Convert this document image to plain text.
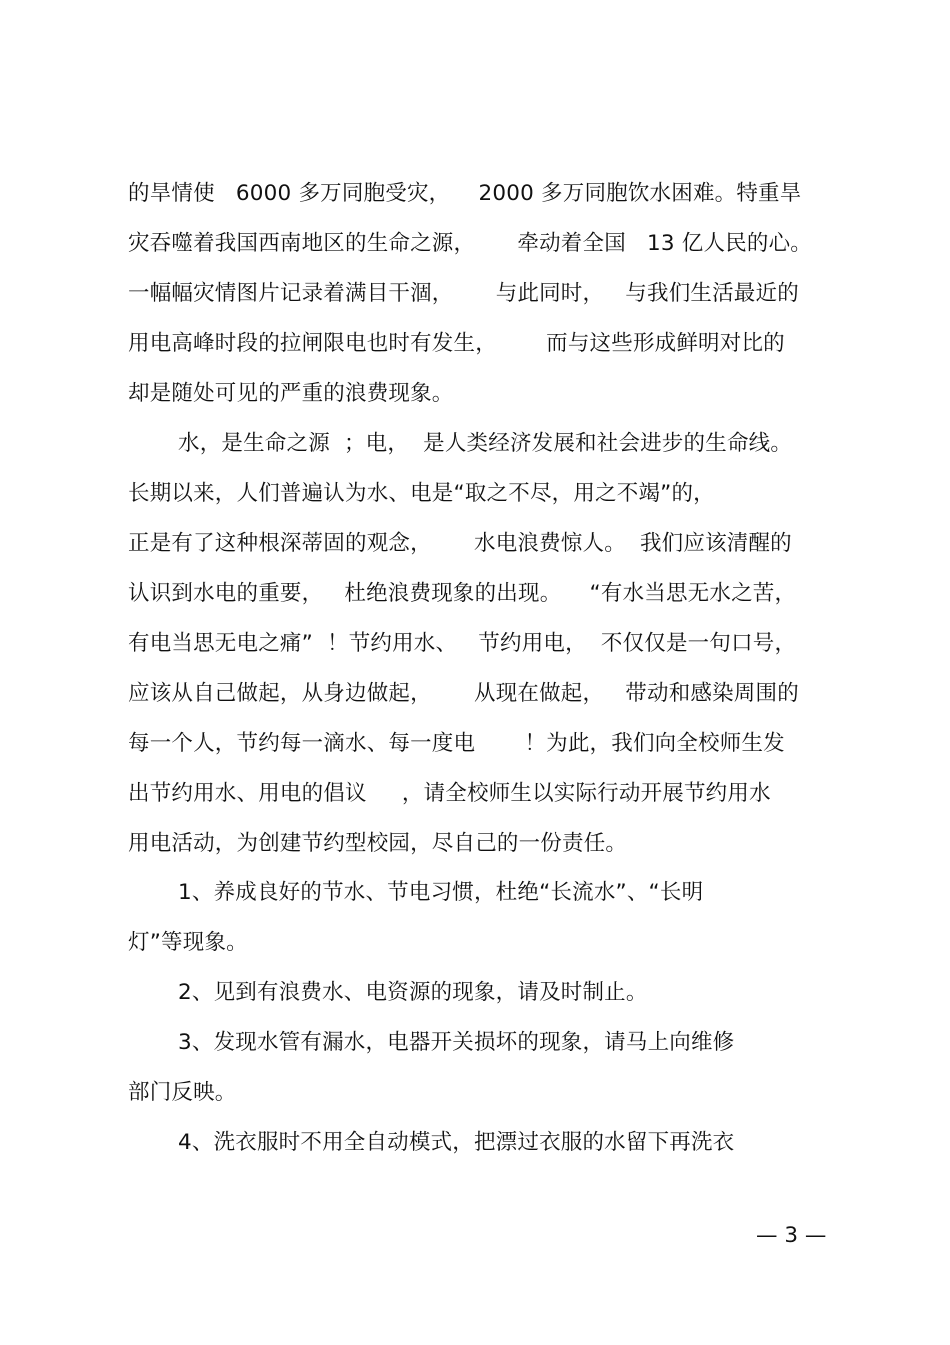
的旱情使   6000 多万同胞受灾，    2000 多万同胞饮水困难。特重旱
灾吞噬着我国西南地区的生命之源，      牵动着全国   13 亿人民的心。
一幅幅灾情图片记录着满目干涸，      与此同时，   与我们生活最近的
用电高峰时段的拉闸限电也时有发生，       而与这些形成鲜明对比的
却是随处可见的严重的浪费现象。
水，是生命之源  ；电，  是人类经济发展和社会进步的生命线。
长期以来，人们普遍认为水、电是“取之不尽，用之不竭”的，
正是有了这种根深蒂固的观念，      水电浪费惊人。  我们应该清醒的
认识到水电的重要，   杜绝浪费现象的出现。    “有水当思无水之苦，
有电当思无电之痛”  ！节约用水、   节约用电，  不仅仅是一句口号，
应该从自己做起，从身边做起，      从现在做起，   带动和感染周围的
每一个人，节约每一滴水、每一度电       ！为此，我们向全校师生发
出节约用水、用电的倡议     ，请全校师生以实际行动开展节约用水
用电活动，为创建节约型校园，尽自己的一份责任。
1、养成良好的节水、节电习惯，杜绝“长流水”、“长明
灯”等现象。
2、见到有浪费水、电资源的现象，请及时制止。
3、发现水管有漏水，电器开关损坏的现象，请马上向维修
部门反映。
4、洗衣服时不用全自动模式，把漂过衣服的水留下再洗衣
— 3 —
